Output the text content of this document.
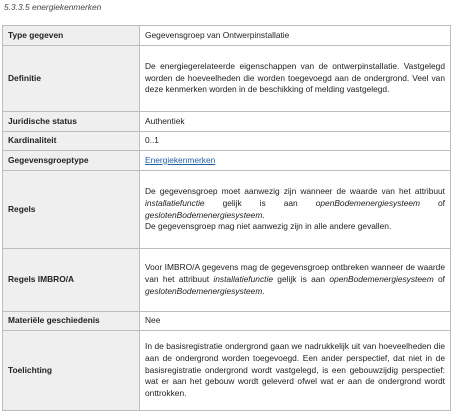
5.3.3.5 energiekenmerken
Type gegeven	Gegevensgroep van Ontwerpinstallatie
Definitie	De energiegerelateerde eigenschappen van de ontwerpinstallatie. Vastgelegd worden de hoeveelheden die worden toegevoegd aan de ondergrond. Veel van deze kenmerken worden in de beschikking of melding vastgelegd.
Juridische status	Authentiek
Kardinaliteit	0..1
Gegevensgroeptype	Energiekenmerken
Regels	De gegevensgroep moet aanwezig zijn wanneer de waarde van het attribuut installatiefunctie gelijk is aan openBodemenergiesysteem of geslotenBodemenergiesysteem.

De gegevensgroep mag niet aanwezig zijn in alle andere gevallen.

Regels IMBRO/A	Voor IMBRO/A gegevens mag de gegevensgroep ontbreken wanneer de waarde van het attribuut installatiefunctie gelijk is aan openBodemenergiesysteem of geslotenBodemenergiesysteem.
Materiële geschiedenis	Nee
Toelichting	In de basisregistratie ondergrond gaan we nadrukkelijk uit van hoeveelheden die aan de ondergrond worden toegevoegd. Een ander perspectief, dat niet in de basisregistratie ondergrond wordt vastgelegd, is een gebouwzijdig perspectief: wat er aan het gebouw wordt geleverd ofwel wat er aan de ondergrond wordt onttrokken.
